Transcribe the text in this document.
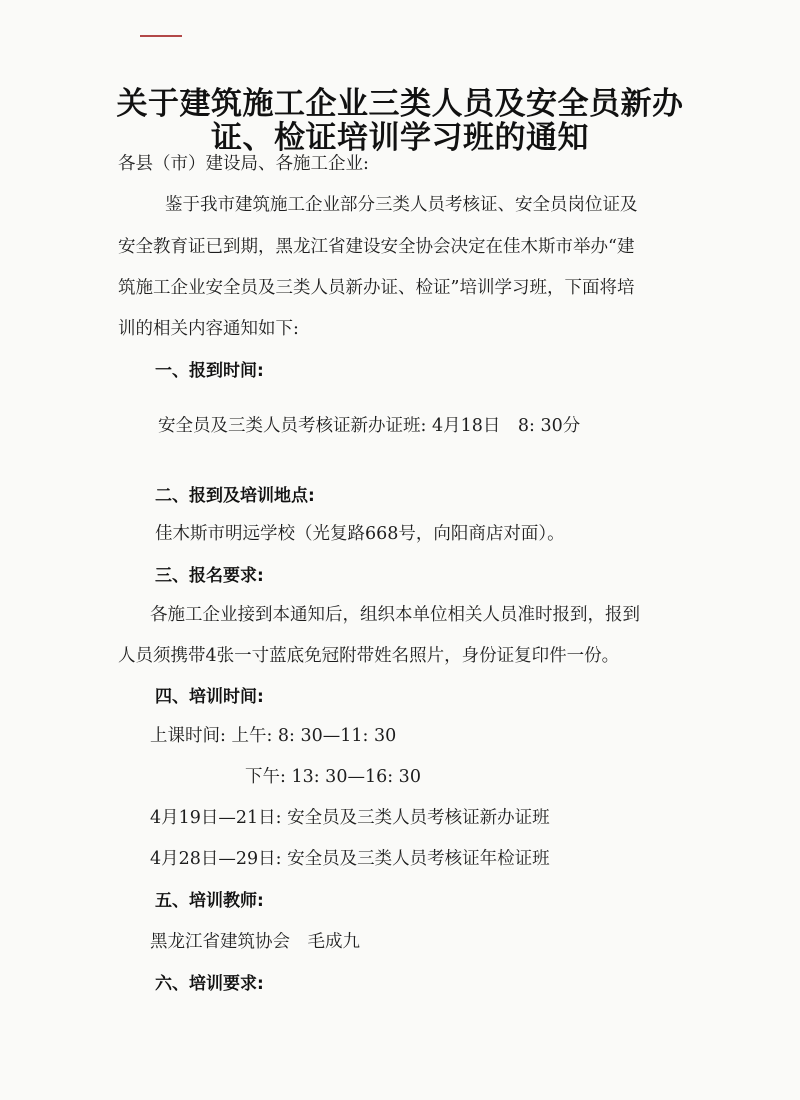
关于建筑施工企业三类人员及安全员新办
证、检证培训学习班的通知
各县（市）建设局、各施工企业:
鉴于我市建筑施工企业部分三类人员考核证、安全员岗位证及
安全教育证已到期，黑龙江省建设安全协会决定在佳木斯市举办“建
筑施工企业安全员及三类人员新办证、检证”培训学习班，下面将培
训的相关内容通知如下:
一、报到时间:
安全员及三类人员考核证新办证班: 4月18日　8: 30分
二、报到及培训地点:
佳木斯市明远学校（光复路668号，向阳商店对面）。
三、报名要求:
各施工企业接到本通知后，组织本单位相关人员准时报到，报到
人员须携带4张一寸蓝底免冠附带姓名照片，身份证复印件一份。
四、培训时间:
上课时间: 上午: 8: 30—11: 30
下午: 13: 30—16: 30
4月19日—21日: 安全员及三类人员考核证新办证班
4月28日—29日: 安全员及三类人员考核证年检证班
五、培训教师:
黑龙江省建筑协会　毛成九
六、培训要求:
